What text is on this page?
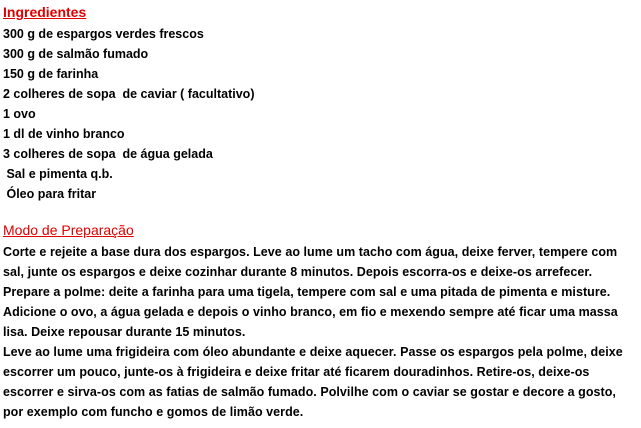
Ingredientes
300 g de espargos verdes frescos
300 g de salmão fumado
150 g de farinha
2 colheres de sopa  de caviar ( facultativo)
1 ovo
1 dl de vinho branco
3 colheres de sopa  de água gelada
Sal e pimenta q.b.
Óleo para fritar
Modo de Preparação

Corte e rejeite a base dura dos espargos. Leve ao lume um tacho com água, deixe ferver, tempere com sal, junte os espargos e deixe cozinhar durante 8 minutos. Depois escorra-os e deixe-os arrefecer.

Prepare a polme: deite a farinha para uma tigela, tempere com sal e uma pitada de pimenta e misture. Adicione o ovo, a água gelada e depois o vinho branco, em fio e mexendo sempre até ficar uma massa lisa. Deixe repousar durante 15 minutos.

Leve ao lume uma frigideira com óleo abundante e deixe aquecer. Passe os espargos pela polme, deixe escorrer um pouco, junte-os à frigideira e deixe fritar até ficarem douradinhos. Retire-os, deixe-os escorrer e sirva-os com as fatias de salmão fumado. Polvilhe com o caviar se gostar e decore a gosto, por exemplo com funcho e gomos de limão verde.
